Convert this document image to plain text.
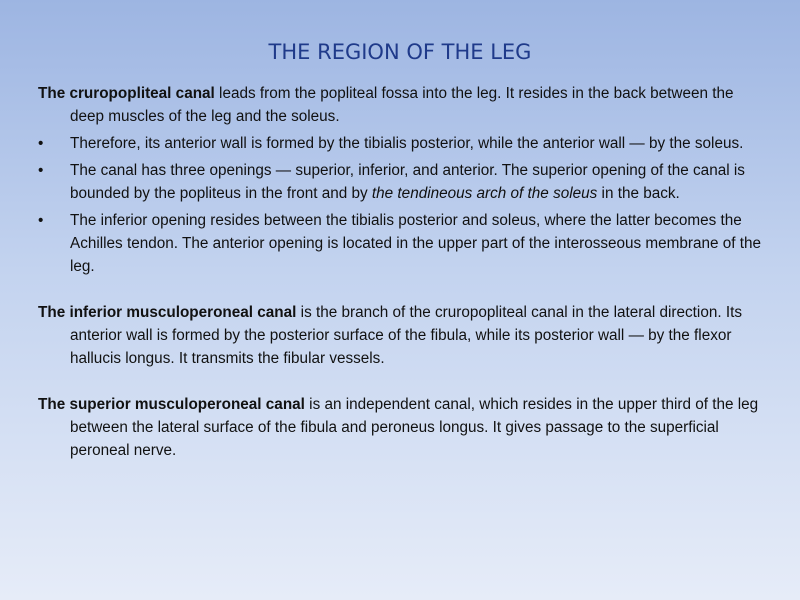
THE REGION OF THE LEG

The cruropopliteal canal leads from the popliteal fossa into the leg. It resides in the back between the deep muscles of the leg and the soleus.

• Therefore, its anterior wall is formed by the tibialis posterior, while the anterior wall — by the soleus.

• The canal has three openings — superior, inferior, and anterior. The superior opening of the canal is bounded by the popliteus in the front and by the tendineous arch of the soleus in the back.

• The inferior opening resides between the tibialis posterior and soleus, where the latter becomes the Achilles tendon. The anterior opening is located in the upper part of the interosseous membrane of the leg.

The inferior musculoperoneal canal is the branch of the cruropopliteal canal in the lateral direction. Its anterior wall is formed by the posterior surface of the fibula, while its posterior wall — by the flexor hallucis longus. It transmits the fibular vessels.

The superior musculoperoneal canal is an independent canal, which resides in the upper third of the leg between the lateral surface of the fibula and peroneus longus. It gives passage to the superficial peroneal nerve.
